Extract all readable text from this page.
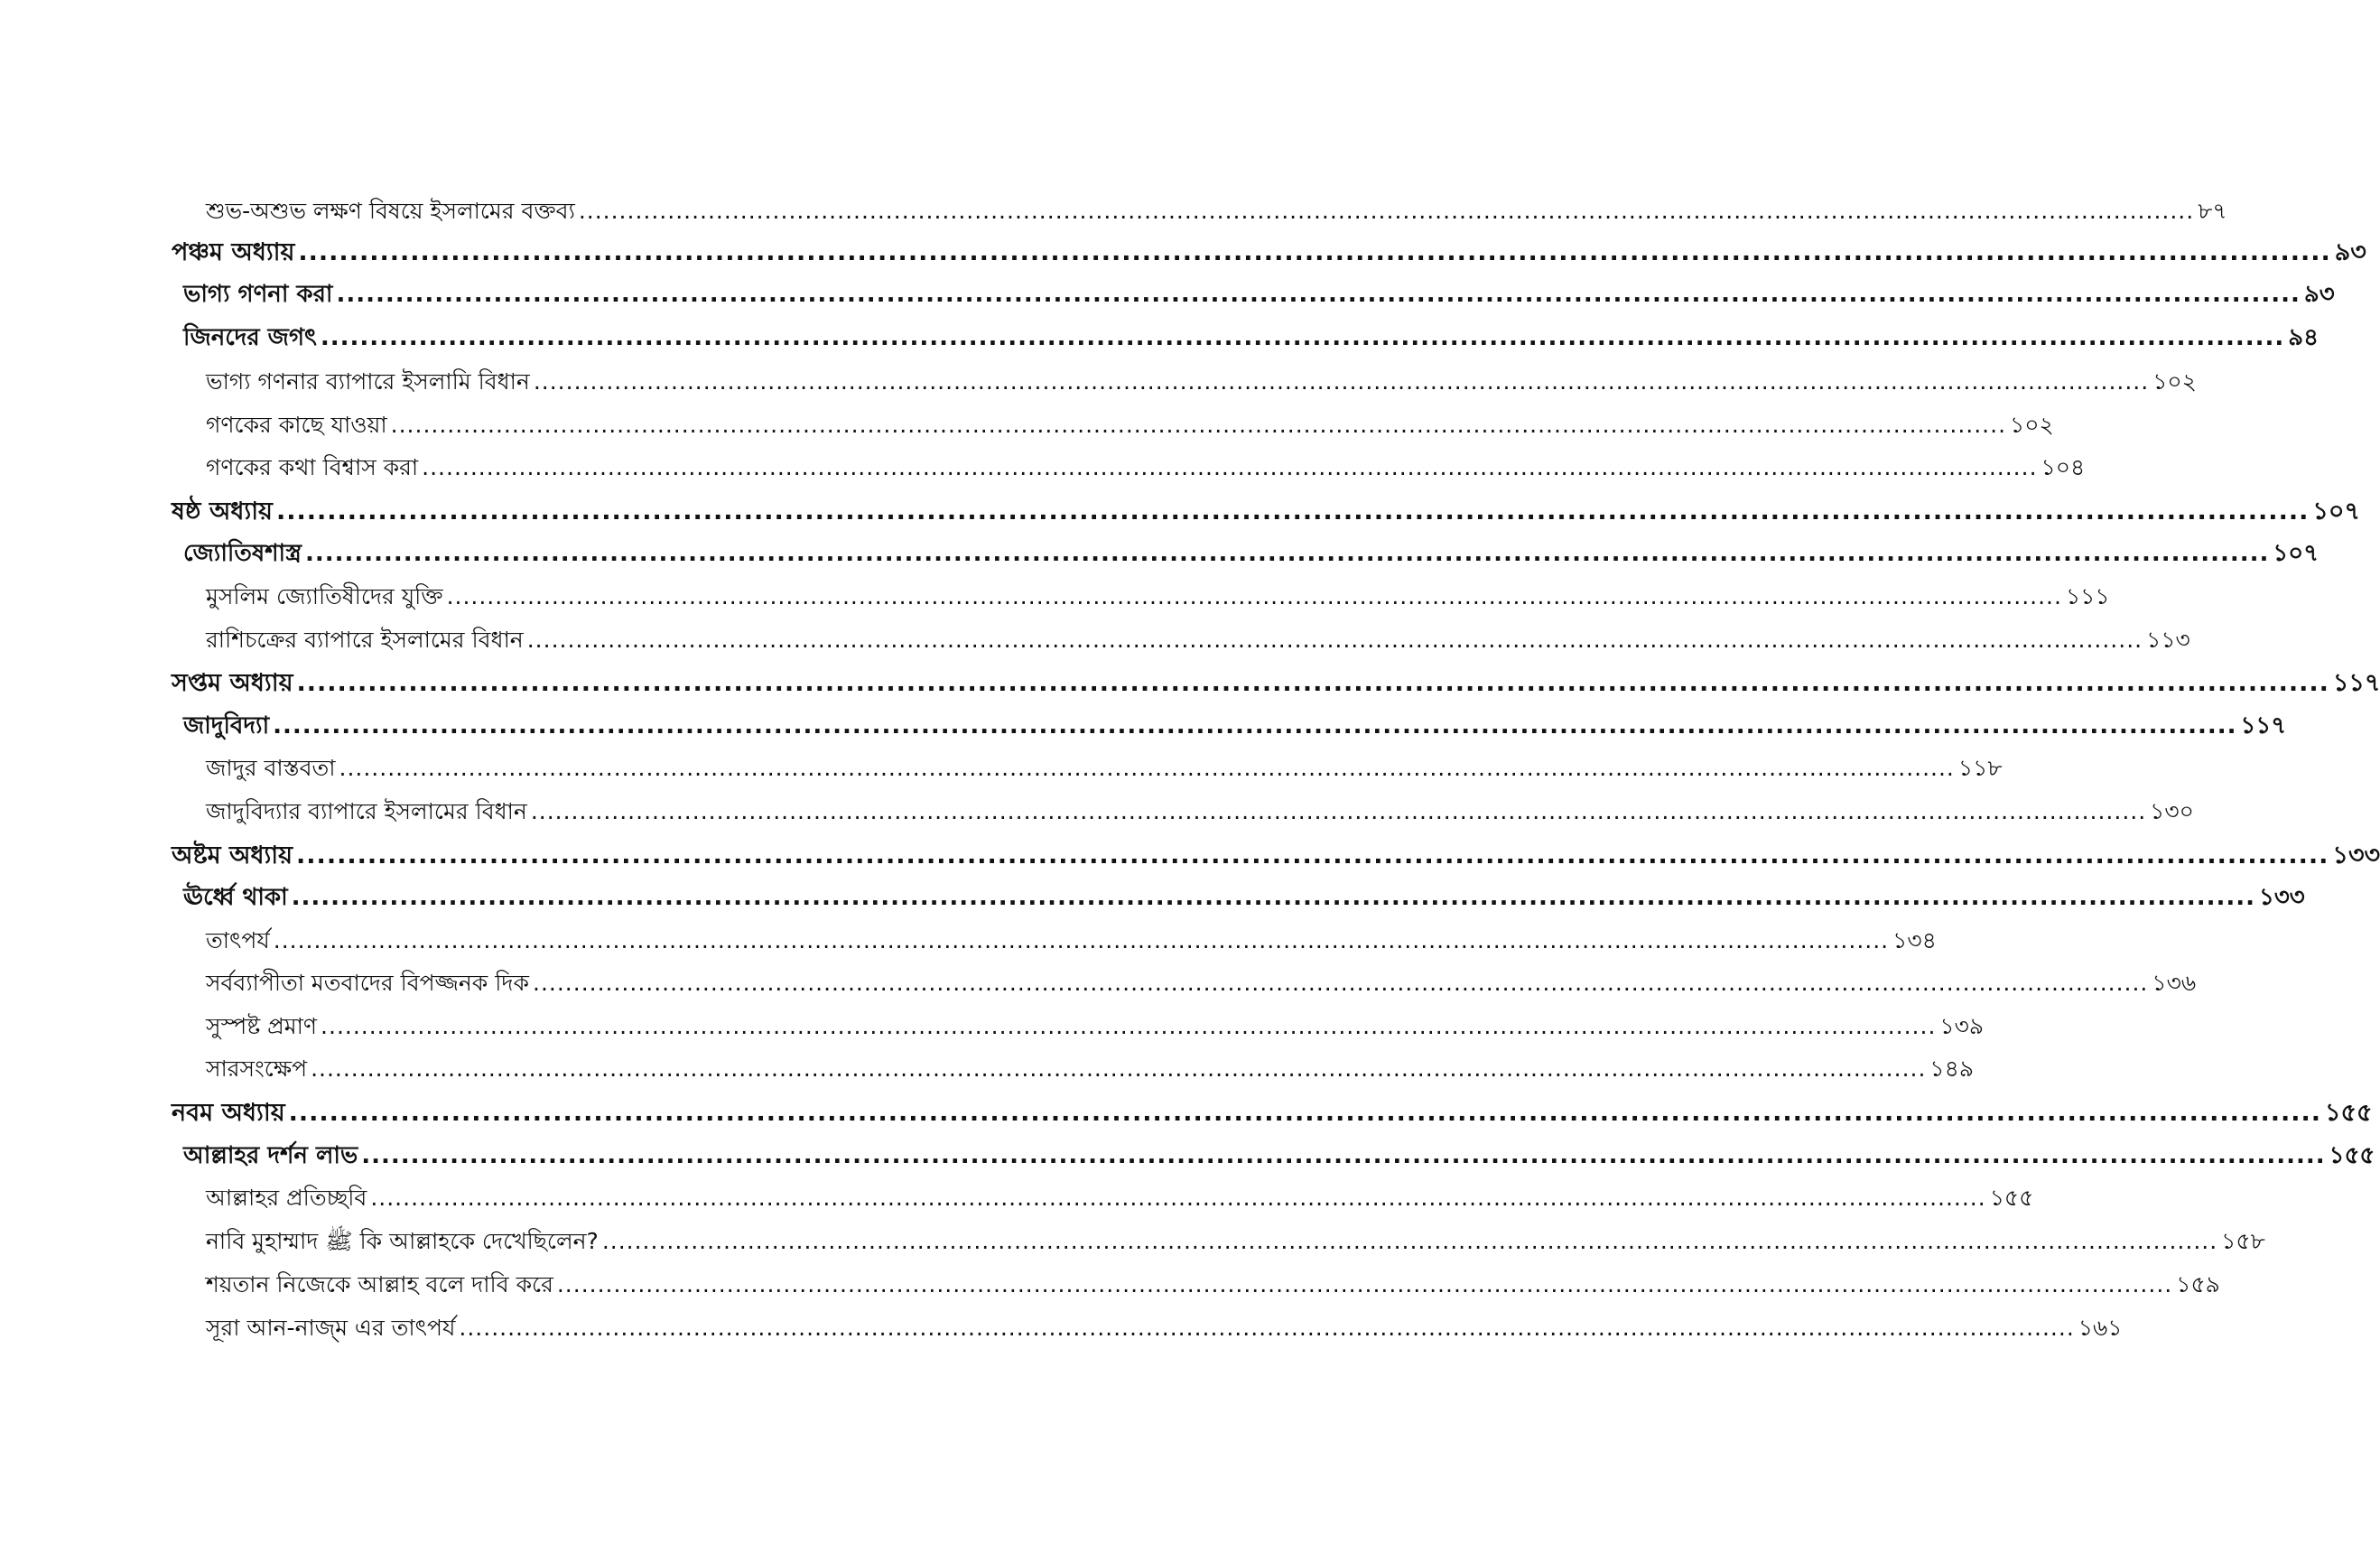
শুভ-অশুভ লক্ষণ বিষয়ে ইসলামের বক্তব্য ........................................................................................................................................................................................................ ৮৭
পঞ্চম অধ্যায় ........................................................................................................................................................................................................ ৯৩
ভাগ্য গণনা করা ........................................................................................................................................................................................................ ৯৩
জিনদের জগৎ ........................................................................................................................................................................................................ ৯৪
ভাগ্য গণনার ব্যাপারে ইসলামি বিধান ........................................................................................................................................................................................................ ১০২
গণকের কাছে যাওয়া ........................................................................................................................................................................................................ ১০২
গণকের কথা বিশ্বাস করা ........................................................................................................................................................................................................ ১০৪
ষষ্ঠ অধ্যায় ........................................................................................................................................................................................................ ১০৭
জ্যোতিষশাস্ত্র ........................................................................................................................................................................................................ ১০৭
মুসলিম জ্যোতিষীদের যুক্তি ........................................................................................................................................................................................................ ১১১
রাশিচক্রের ব্যাপারে ইসলামের বিধান ........................................................................................................................................................................................................ ১১৩
সপ্তম অধ্যায় ........................................................................................................................................................................................................ ১১৭
জাদুবিদ্যা ........................................................................................................................................................................................................ ১১৭
জাদুর বাস্তবতা ........................................................................................................................................................................................................ ১১৮
জাদুবিদ্যার ব্যাপারে ইসলামের বিধান ........................................................................................................................................................................................................ ১৩০
অষ্টম অধ্যায় ........................................................................................................................................................................................................ ১৩৩
ঊর্ধ্বে থাকা ........................................................................................................................................................................................................ ১৩৩
তাৎপর্য ........................................................................................................................................................................................................ ১৩৪
সর্বব্যাপীতা মতবাদের বিপজ্জনক দিক ........................................................................................................................................................................................................ ১৩৬
সুস্পষ্ট প্রমাণ ........................................................................................................................................................................................................ ১৩৯
সারসংক্ষেপ ........................................................................................................................................................................................................ ১৪৯
নবম অধ্যায় ........................................................................................................................................................................................................ ১৫৫
আল্লাহর দর্শন লাভ ........................................................................................................................................................................................................ ১৫৫
আল্লাহর প্রতিচ্ছবি ........................................................................................................................................................................................................ ১৫৫
নাবি মুহাম্মাদ ﷺ কি আল্লাহকে দেখেছিলেন? ........................................................................................................................................................................................................ ১৫৮
শয়তান নিজেকে আল্লাহ বলে দাবি করে ........................................................................................................................................................................................................ ১৫৯
সূরা আন-নাজ্‌ম এর তাৎপর্য ........................................................................................................................................................................................................ ১৬১
